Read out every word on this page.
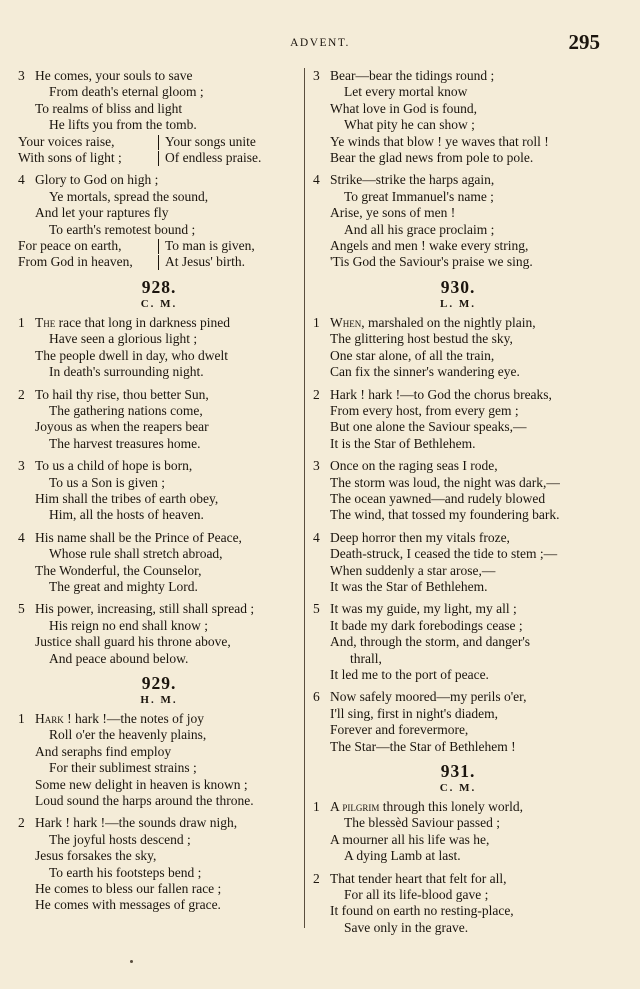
ADVENT.	295
3 He comes, your souls to save
From death's eternal gloom ;
To realms of bliss and light
He lifts you from the tomb.
Your voices raise,	Your songs unite
With sons of light ;	Of endless praise.
4 Glory to God on high ;
Ye mortals, spread the sound,
And let your raptures fly
To earth's remotest bound ;
For peace on earth,	To man is given,
From God in heaven,	At Jesus' birth.
928.
C. M.
1 The race that long in darkness pined
Have seen a glorious light ;
The people dwell in day, who dwelt
In death's surrounding night.
2 To hail thy rise, thou better Sun,
The gathering nations come,
Joyous as when the reapers bear
The harvest treasures home.
3 To us a child of hope is born,
To us a Son is given ;
Him shall the tribes of earth obey,
Him, all the hosts of heaven.
4 His name shall be the Prince of Peace,
Whose rule shall stretch abroad,
The Wonderful, the Counselor,
The great and mighty Lord.
5 His power, increasing, still shall spread ;
His reign no end shall know ;
Justice shall guard his throne above,
And peace abound below.
929.
H. M.
1 Hark ! hark !—the notes of joy
Roll o'er the heavenly plains,
And seraphs find employ
For their sublimest strains ;
Some new delight in heaven is known ;
Loud sound the harps around the throne.
2 Hark ! hark !—the sounds draw nigh,
The joyful hosts descend ;
Jesus forsakes the sky,
To earth his footsteps bend ;
He comes to bless our fallen race ;
He comes with messages of grace.
3 Bear—bear the tidings round ;
Let every mortal know
What love in God is found,
What pity he can show ;
Ye winds that blow ! ye waves that roll !
Bear the glad news from pole to pole.
4 Strike—strike the harps again,
To great Immanuel's name ;
Arise, ye sons of men !
And all his grace proclaim ;
Angels and men ! wake every string,
'Tis God the Saviour's praise we sing.
930.
L. M.
1 When, marshaled on the nightly plain,
The glittering host bestud the sky,
One star alone, of all the train,
Can fix the sinner's wandering eye.
2 Hark ! hark !—to God the chorus breaks,
From every host, from every gem ;
But one alone the Saviour speaks,—
It is the Star of Bethlehem.
3 Once on the raging seas I rode,
The storm was loud, the night was dark,—
The ocean yawned—and rudely blowed
The wind, that tossed my foundering bark.
4 Deep horror then my vitals froze,
Death-struck, I ceased the tide to stem ;—
When suddenly a star arose,—
It was the Star of Bethlehem.
5 It was my guide, my light, my all ;
It bade my dark forebodings cease ;
And, through the storm, and danger's
thrall,
It led me to the port of peace.
6 Now safely moored—my perils o'er,
I'll sing, first in night's diadem,
Forever and forevermore,
The Star—the Star of Bethlehem !
931.
C. M.
1 A pilgrim through this lonely world,
The blessèd Saviour passed ;
A mourner all his life was he,
A dying Lamb at last.
2 That tender heart that felt for all,
For all its life-blood gave ;
It found on earth no resting-place,
Save only in the grave.
